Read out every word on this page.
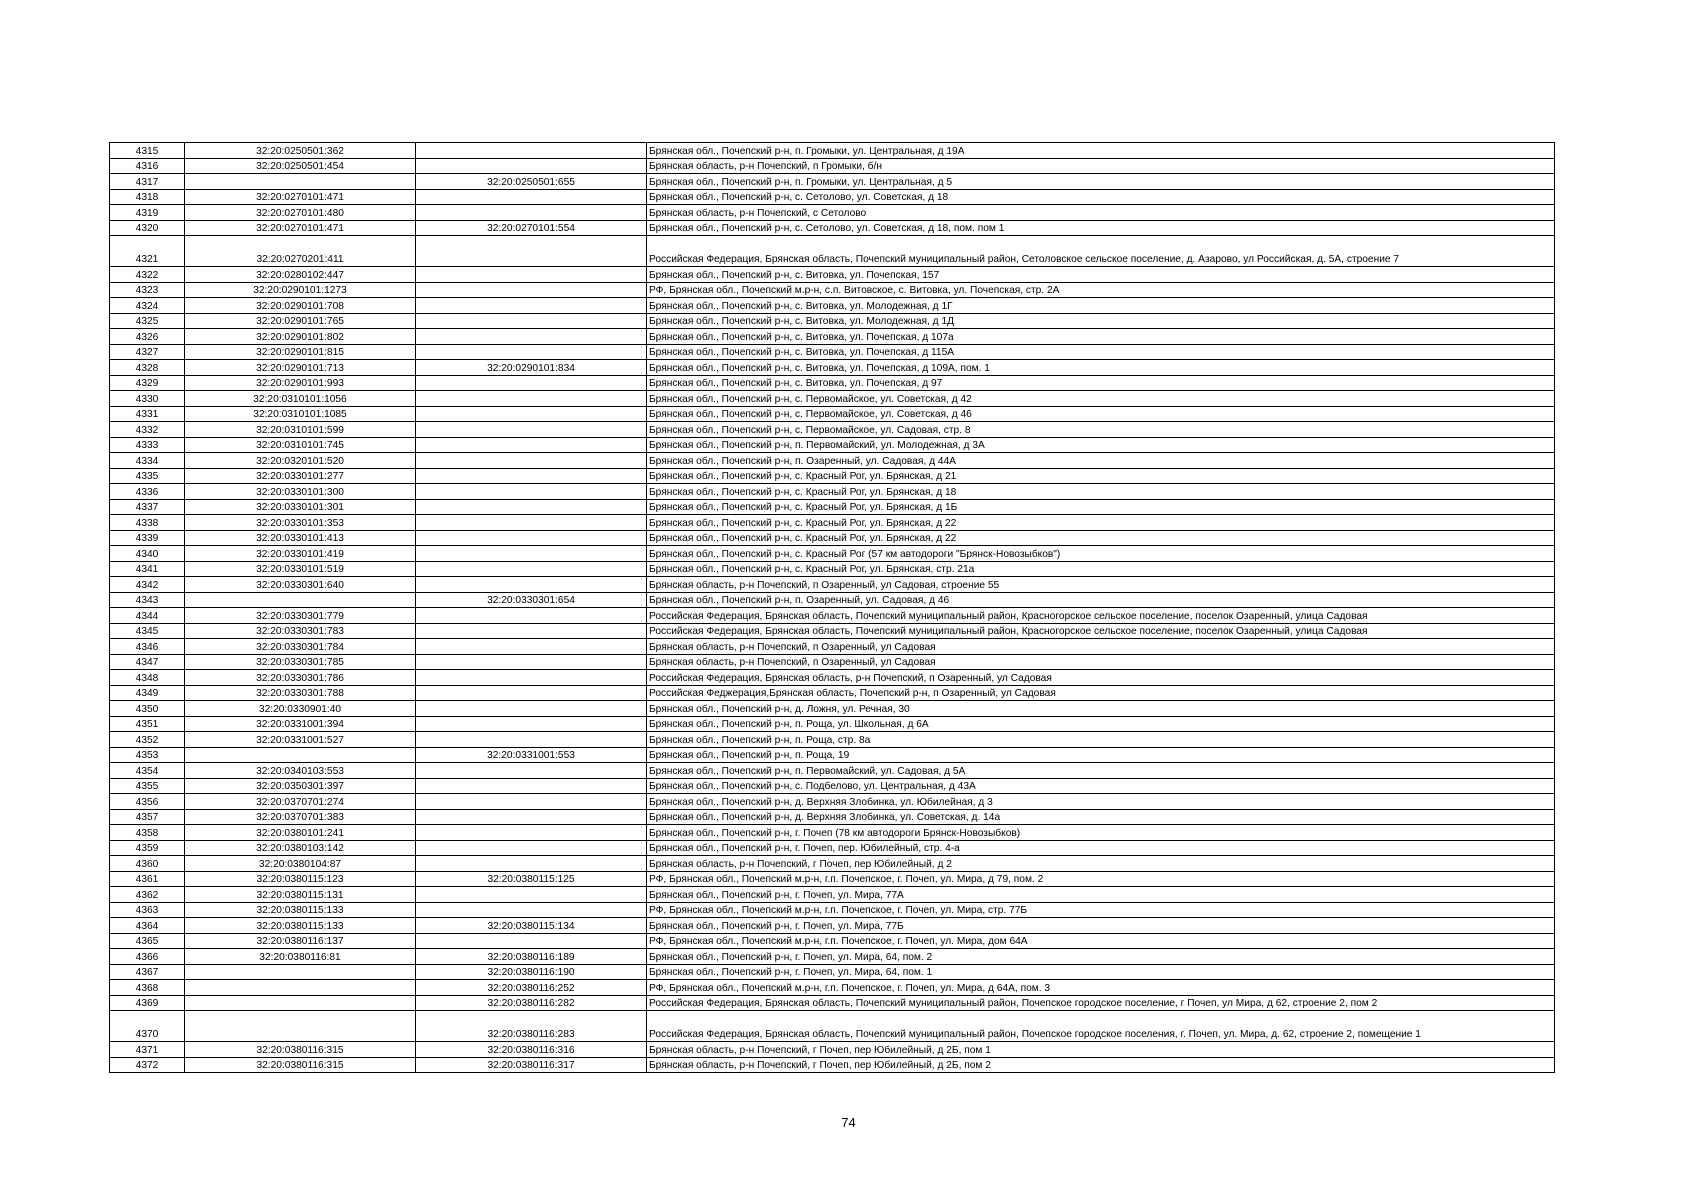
4315	32:20:0250501:362		Брянская обл., Почепский р-н, п. Громыки, ул. Центральная, д 19А
4316	32:20:0250501:454		Брянская область, р-н Почепский, п Громыки, б/н
4317		32:20:0250501:655	Брянская обл., Почепский р-н, п. Громыки, ул. Центральная, д 5
4318	32:20:0270101:471		Брянская обл., Почепский р-н, с. Сетолово, ул. Советская, д 18
4319	32:20:0270101:480		Брянская область, р-н Почепский, с Сетолово
4320	32:20:0270101:471	32:20:0270101:554	Брянская обл., Почепский р-н, с. Сетолово, ул. Советская, д 18, пом. пом 1
4321	32:20:0270201:411		Российская Федерация, Брянская область, Почепский муниципальный район, Сетоловское сельское поселение, д. Азарово, ул Российская, д. 5А, строение 7
4322	32:20:0280102:447		Брянская обл., Почепский р-н, с. Витовка, ул. Почепская, 157
4323	32:20:0290101:1273		РФ, Брянская обл., Почепский м.р-н, с.п. Витовское, с. Витовка, ул. Почепская, стр. 2А
4324	32:20:0290101:708		Брянская обл., Почепский р-н, с. Витовка, ул. Молодежная, д 1Г
4325	32:20:0290101:765		Брянская обл., Почепский р-н, с. Витовка, ул. Молодежная, д 1Д
4326	32:20:0290101:802		Брянская обл., Почепский р-н, с. Витовка, ул. Почепская, д 107а
4327	32:20:0290101:815		Брянская обл., Почепский р-н, с. Витовка, ул. Почепская, д 115А
4328	32:20:0290101:713	32:20:0290101:834	Брянская обл., Почепский р-н, с. Витовка, ул. Почепская, д 109А, пом. 1
4329	32:20:0290101:993		Брянская обл., Почепский р-н, с. Витовка, ул. Почепская, д 97
4330	32:20:0310101:1056		Брянская обл., Почепский р-н, с. Первомайское, ул. Советская, д 42
4331	32:20:0310101:1085		Брянская обл., Почепский р-н, с. Первомайское, ул. Советская, д 46
4332	32:20:0310101:599		Брянская обл., Почепский р-н, с. Первомайское, ул. Садовая, стр. 8
4333	32:20:0310101:745		Брянская обл., Почепский р-н, п. Первомайский, ул. Молодежная, д 3А
4334	32:20:0320101:520		Брянская обл., Почепский р-н, п. Озаренный, ул. Садовая, д 44А
4335	32:20:0330101:277		Брянская обл., Почепский р-н, с. Красный Рог, ул. Брянская, д 21
4336	32:20:0330101:300		Брянская обл., Почепский р-н, с. Красный Рог, ул. Брянская, д 18
4337	32:20:0330101:301		Брянская обл., Почепский р-н, с. Красный Рог, ул. Брянская, д 1Б
4338	32:20:0330101:353		Брянская обл., Почепский р-н, с. Красный Рог, ул. Брянская, д 22
4339	32:20:0330101:413		Брянская обл., Почепский р-н, с. Красный Рог, ул. Брянская, д 22
4340	32:20:0330101:419		Брянская обл., Почепский р-н, с. Красный Рог (57 км автодороги "Брянск-Новозыбков")
4341	32:20:0330101:519		Брянская обл., Почепский р-н, с. Красный Рог, ул. Брянская, стр. 21а
4342	32:20:0330301:640		Брянская область, р-н Почепский, п Озаренный, ул Садовая, строение 55
4343		32:20:0330301:654	Брянская обл., Почепский р-н, п. Озаренный, ул. Садовая, д 46
4344	32:20:0330301:779		Российская Федерация, Брянская область, Почепский муниципальный район, Красногорское сельское поселение, поселок Озаренный, улица Садовая
4345	32:20:0330301:783		Российская Федерация, Брянская область, Почепский муниципальный район, Красногорское сельское поселение, поселок Озаренный, улица Садовая
4346	32:20:0330301:784		Брянская область, р-н Почепский, п Озаренный, ул Садовая
4347	32:20:0330301:785		Брянская область, р-н Почепский, п Озаренный, ул Садовая
4348	32:20:0330301:786		Российская Федерация, Брянская область, р-н Почепский, п Озаренный, ул Садовая
4349	32:20:0330301:788		Российская Феджерация,Брянская область, Почепский р-н, п Озаренный, ул Садовая
4350	32:20:0330901:40		Брянская обл., Почепский р-н, д. Ложня, ул. Речная, 30
4351	32:20:0331001:394		Брянская обл., Почепский р-н, п. Роща, ул. Школьная, д 6А
4352	32:20:0331001:527		Брянская обл., Почепский р-н, п. Роща, стр. 8а
4353		32:20:0331001:553	Брянская обл., Почепский р-н, п. Роща, 19
4354	32:20:0340103:553		Брянская обл., Почепский р-н, п. Первомайский, ул. Садовая, д 5А
4355	32:20:0350301:397		Брянская обл., Почепский р-н, с. Подбелово, ул. Центральная, д 43А
4356	32:20:0370701:274		Брянская обл., Почепский р-н, д. Верхняя Злобинка, ул. Юбилейная, д 3
4357	32:20:0370701:383		Брянская обл., Почепский р-н, д. Верхняя Злобинка, ул. Советская, д. 14а
4358	32:20:0380101:241		Брянская обл., Почепский р-н, г. Почеп (78 км автодороги Брянск-Новозыбков)
4359	32:20:0380103:142		Брянская обл., Почепский р-н, г. Почеп, пер. Юбилейный, стр. 4-а
4360	32:20:0380104:87		Брянская область, р-н Почепский, г Почеп, пер Юбилейный, д 2
4361	32:20:0380115:123	32:20:0380115:125	РФ, Брянская обл., Почепский м.р-н, г.п. Почепское, г. Почеп, ул. Мира, д 79, пом. 2
4362	32:20:0380115:131		Брянская обл., Почепский р-н, г. Почеп, ул. Мира, 77А
4363	32:20:0380115:133		РФ, Брянская обл., Почепский м.р-н, г.п. Почепское, г. Почеп, ул. Мира, стр. 77Б
4364	32:20:0380115:133	32:20:0380115:134	Брянская обл., Почепский р-н, г. Почеп, ул. Мира, 77Б
4365	32:20:0380116:137		РФ, Брянская обл., Почепский м.р-н, г.п. Почепское, г. Почеп, ул. Мира, дом 64А
4366	32:20:0380116:81	32:20:0380116:189	Брянская обл., Почепский р-н, г. Почеп, ул. Мира, 64, пом. 2
4367		32:20:0380116:190	Брянская обл., Почепский р-н, г. Почеп, ул. Мира, 64, пом. 1
4368		32:20:0380116:252	РФ, Брянская обл., Почепский м.р-н, г.п. Почепское, г. Почеп, ул. Мира, д 64А, пом. 3
4369		32:20:0380116:282	Российская Федерация, Брянская область, Почепский муниципальный район, Почепское городское поселение, г Почеп, ул Мира, д 62, строение 2, пом 2
4370		32:20:0380116:283	Российская Федерация, Брянская область, Почепский муниципальный район, Почепское городское поселения, г. Почеп, ул. Мира, д. 62, строение 2, помещение 1
4371	32:20:0380116:315	32:20:0380116:316	Брянская область, р-н Почепский, г Почеп, пер Юбилейный, д 2Б, пом 1
4372	32:20:0380116:315	32:20:0380116:317	Брянская область, р-н Почепский, г Почеп, пер Юбилейный, д 2Б, пом 2
74
